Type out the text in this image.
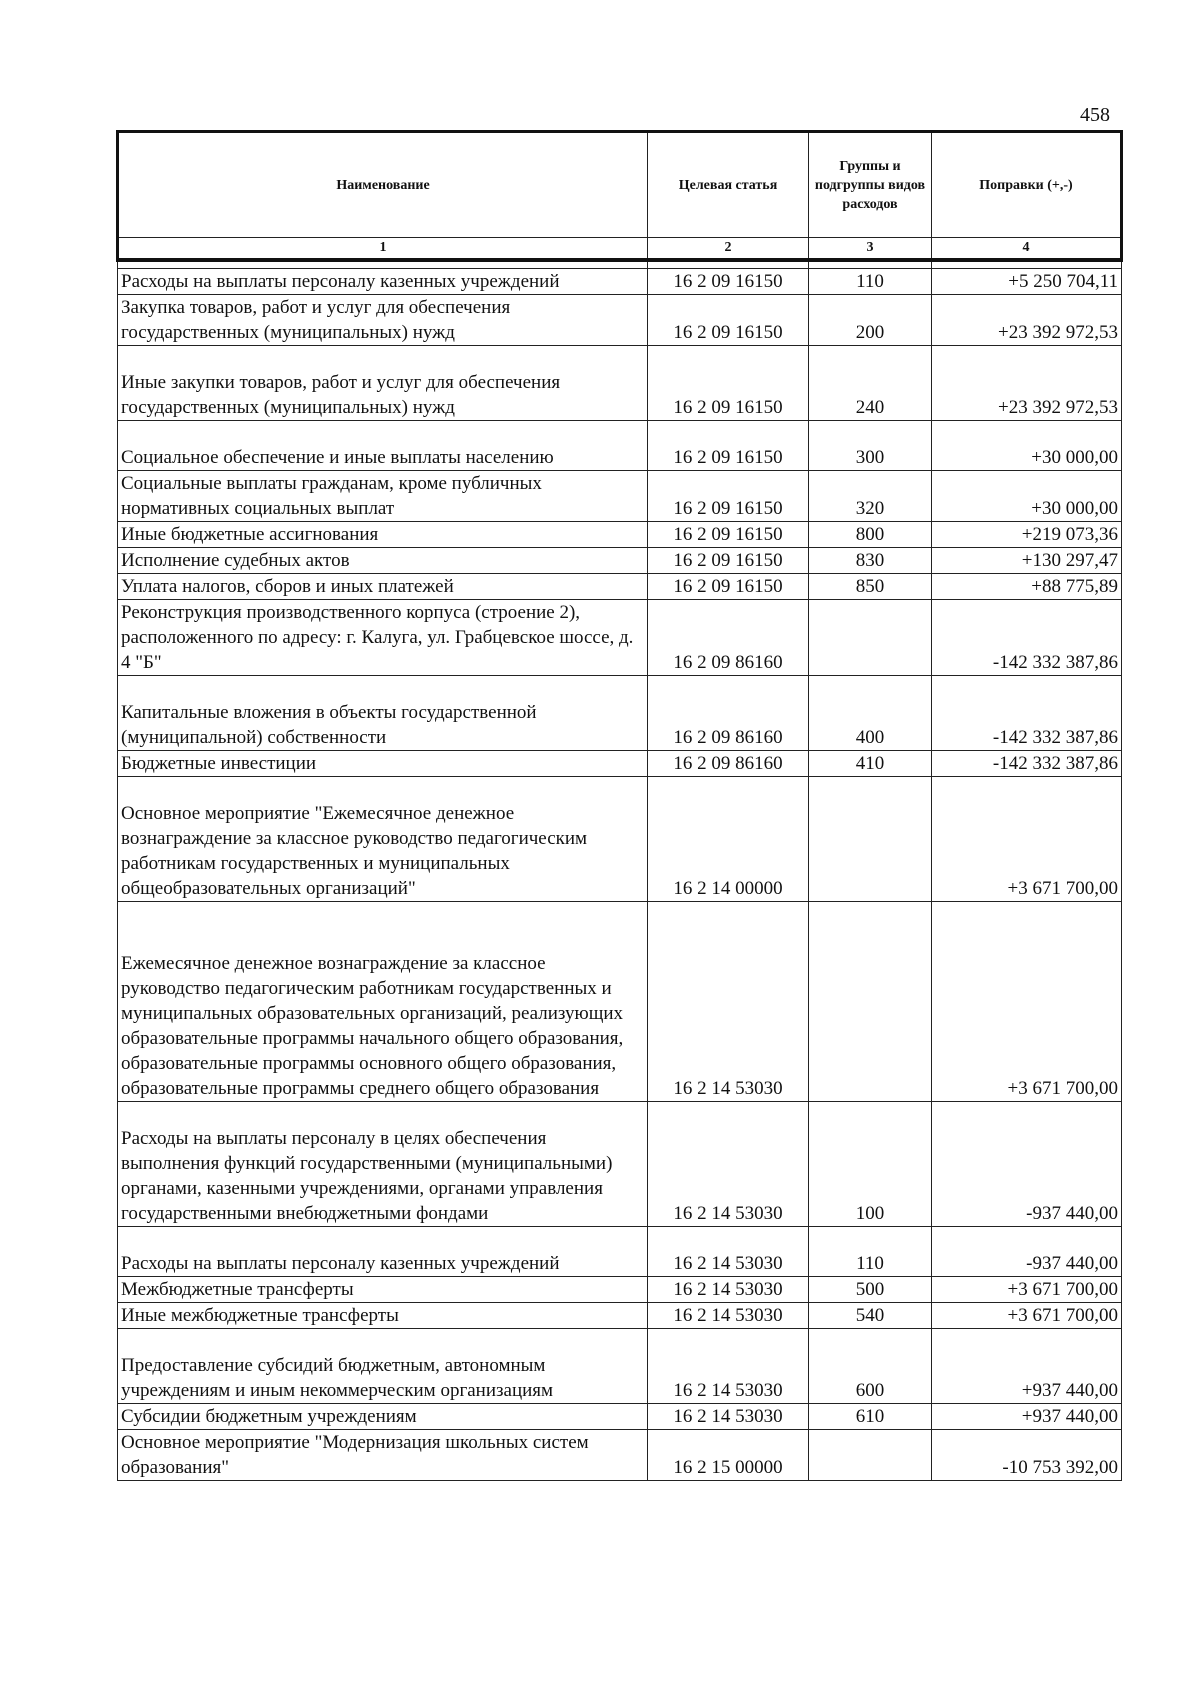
458
Наименование	Целевая статья	Группы и подгруппы видов расходов	Поправки (+,-)
1	2	3	4

Расходы на выплаты персоналу казенных учреждений	16 2 09 16150	110	+5 250 704,11
Закупка товаров, работ и услуг для обеспечения государственных (муниципальных) нужд	16 2 09 16150	200	+23 392 972,53
Иные закупки товаров, работ и услуг для обеспечения государственных (муниципальных) нужд	16 2 09 16150	240	+23 392 972,53
Социальное обеспечение и иные выплаты населению	16 2 09 16150	300	+30 000,00
Социальные выплаты гражданам, кроме публичных нормативных социальных выплат	16 2 09 16150	320	+30 000,00
Иные бюджетные ассигнования	16 2 09 16150	800	+219 073,36
Исполнение судебных актов	16 2 09 16150	830	+130 297,47
Уплата налогов, сборов и иных платежей	16 2 09 16150	850	+88 775,89
Реконструкция производственного корпуса (строение 2), расположенного по адресу: г. Калуга, ул. Грабцевское шоссе, д. 4 "Б"	16 2 09 86160		-142 332 387,86
Капитальные вложения в объекты государственной (муниципальной) собственности	16 2 09 86160	400	-142 332 387,86
Бюджетные инвестиции	16 2 09 86160	410	-142 332 387,86
Основное мероприятие "Ежемесячное денежное вознаграждение за классное руководство педагогическим работникам государственных и муниципальных общеобразовательных организаций"	16 2 14 00000		+3 671 700,00
Ежемесячное денежное вознаграждение за классное руководство педагогическим работникам государственных и муниципальных образовательных организаций, реализующих образовательные программы начального общего образования, образовательные программы основного общего образования, образовательные программы среднего общего образования	16 2 14 53030		+3 671 700,00
Расходы на выплаты персоналу в целях обеспечения выполнения функций государственными (муниципальными) органами, казенными учреждениями, органами управления государственными внебюджетными фондами	16 2 14 53030	100	-937 440,00
Расходы на выплаты персоналу казенных учреждений	16 2 14 53030	110	-937 440,00
Межбюджетные трансферты	16 2 14 53030	500	+3 671 700,00
Иные межбюджетные трансферты	16 2 14 53030	540	+3 671 700,00
Предоставление субсидий бюджетным, автономным учреждениям и иным некоммерческим организациям	16 2 14 53030	600	+937 440,00
Субсидии бюджетным учреждениям	16 2 14 53030	610	+937 440,00
Основное мероприятие "Модернизация школьных систем образования"	16 2 15 00000		-10 753 392,00
